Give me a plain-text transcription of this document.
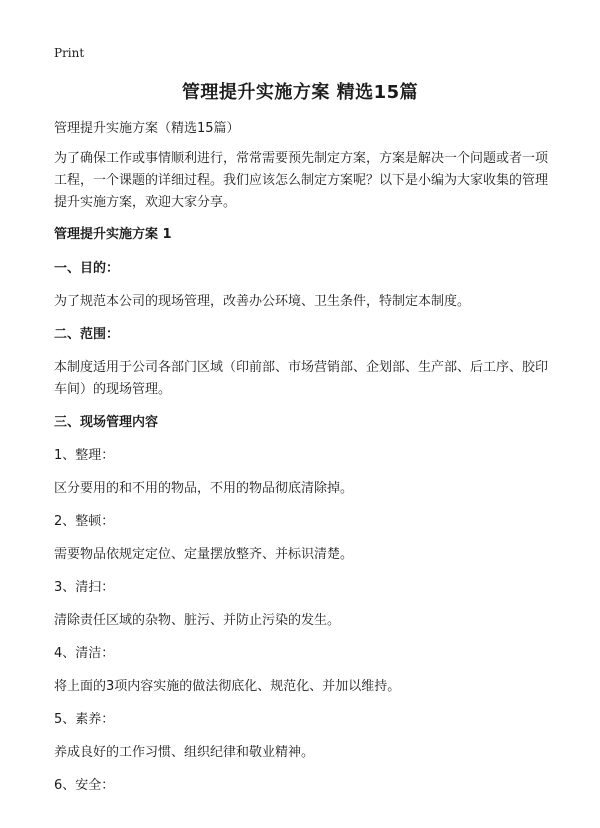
Print
管理提升实施方案 精选15篇

管理提升实施方案（精选15篇）

为了确保工作或事情顺利进行，常常需要预先制定方案，方案是解决一个问题或者一项工程，一个课题的详细过程。我们应该怎么制定方案呢？以下是小编为大家收集的管理提升实施方案，欢迎大家分享。

管理提升实施方案 1

一、目的：

为了规范本公司的现场管理，改善办公环境、卫生条件，特制定本制度。

二、范围：

本制度适用于公司各部门区域（印前部、市场营销部、企划部、生产部、后工序、胶印车间）的现场管理。

三、现场管理内容

1、整理：

区分要用的和不用的物品，不用的物品彻底清除掉。

2、整顿：

需要物品依规定定位、定量摆放整齐、并标识清楚。

3、清扫：

清除责任区域的杂物、脏污、并防止污染的发生。

4、清洁：

将上面的3项内容实施的做法彻底化、规范化、并加以维持。

5、素养：

养成良好的工作习惯、组织纪律和敬业精神。

6、安全：
